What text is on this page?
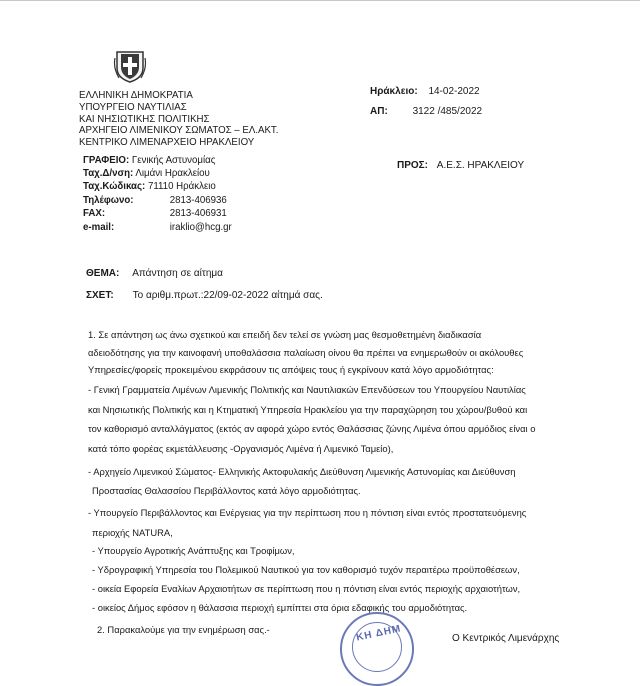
ΕΛΛΗΝΙΚΗ ΔΗΜΟΚΡΑΤΙΑ
ΥΠΟΥΡΓΕΙΟ ΝΑΥΤΙΛΙΑΣ
ΚΑΙ ΝΗΣΙΩΤΙΚΗΣ ΠΟΛΙΤΙΚΗΣ
ΑΡΧΗΓΕΙΟ ΛΙΜΕΝΙΚΟΥ ΣΩΜΑΤΟΣ – ΕΛ.ΑΚΤ.
ΚΕΝΤΡΙΚΟ ΛΙΜΕΝΑΡΧΕΙΟ ΗΡΑΚΛΕΙΟΥ
ΓΡΑΦΕΙΟ: Γενικής Αστυνομίας
Ταχ.Δ/νση: Λιμάνι Ηρακλείου
Ταχ.Κώδικας: 71110 Ηράκλειο
Τηλέφωνο:	2813-406936
FAX:	2813-406931
e-mail:	iraklio@hcg.gr
Ηράκλειο: 14-02-2022
ΑΠ: 3122 /485/2022
ΠΡΟΣ: Α.Ε.Σ. ΗΡΑΚΛΕΙΟΥ
ΘΕΜΑ: Απάντηση σε αίτημα
ΣΧΕΤ: Το αριθμ.πρωτ.:22/09-02-2022 αίτημά σας.
1. Σε απάντηση ως άνω σχετικού και επειδή δεν τελεί σε γνώση μας θεσμοθετημένη διαδικασία
αδειοδότησης για την καινοφανή υποθαλάσσια παλαίωση οίνου θα πρέπει να ενημερωθούν οι ακόλουθες
Υπηρεσίες/φορείς προκειμένου εκφράσουν τις απόψεις τους ή εγκρίνουν κατά λόγο αρμοδιότητας:
- Γενική Γραμματεία Λιμένων Λιμενικής Πολιτικής και Ναυτιλιακών Επενδύσεων του Υπουργείου Ναυτιλίας
και Νησιωτικής Πολιτικής και η Κτηματική Υπηρεσία Ηρακλείου για την παραχώρηση του χώρου/βυθού και
τον καθορισμό ανταλλάγματος (εκτός αν αφορά χώρο εντός Θαλάσσιας ζώνης Λιμένα όπου αρμόδιος είναι ο
κατά τόπο φορέας εκμετάλλευσης -Οργανισμός Λιμένα ή Λιμενικό Ταμείο),
- Αρχηγείο Λιμενικού Σώματος- Ελληνικής Ακτοφυλακής Διεύθυνση Λιμενικής Αστυνομίας και Διεύθυνση
Προστασίας Θαλασσίου Περιβάλλοντος κατά λόγο αρμοδιότητας.
- Υπουργείο Περιβάλλοντος και Ενέργειας για την περίπτωση που η πόντιση είναι εντός προστατευόμενης
περιοχής NATURA,
- Υπουργείο Αγροτικής Ανάπτυξης και Τροφίμων,
- Υδρογραφική Υπηρεσία του Πολεμικού Ναυτικού για τον καθορισμό τυχόν περαιτέρω προϋποθέσεων,
- οικεία Εφορεία Εναλίων Αρχαιοτήτων σε περίπτωση που η πόντιση είναι εντός περιοχής αρχαιοτήτων,
- οικείος Δήμος εφόσον η θάλασσια περιοχή εμπίπτει στα όρια εδαφικής του αρμοδιότητας.
2. Παρακαλούμε για την ενημέρωση σας.-	ΚΗ ΔΗΜ	Ο Κεντρικός Λιμενάρχης
